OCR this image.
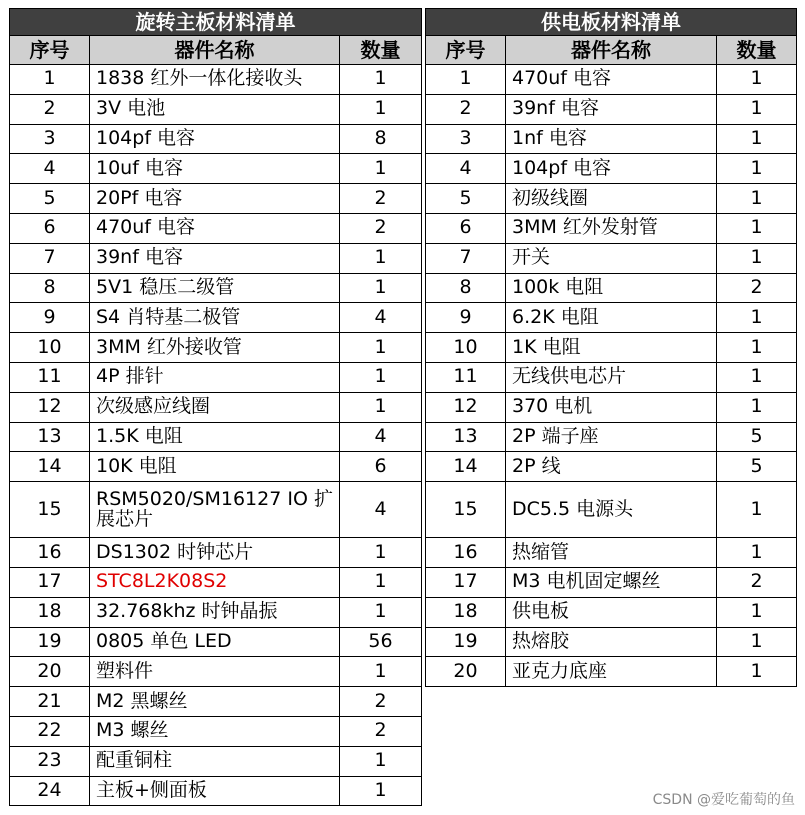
旋转主板材料清单		
序号	器件名称	数量
1	1838 红外一体化接收头	1
2	3V 电池	1
3	104pf 电容	8
4	10uf 电容	1
5	20Pf 电容	2
6	470uf 电容	2
7	39nf 电容	1
8	5V1 稳压二级管	1
9	S4 肖特基二极管	4
10	3MM 红外接收管	1
11	4P 排针	1
12	次级感应线圈	1
13	1.5K 电阻	4
14	10K 电阻	6
15	RSM5020/SM16127 IO 扩展芯片	4
16	DS1302 时钟芯片	1
17	STC8L2K08S2	1
18	32.768khz 时钟晶振	1
19	0805 单色 LED	56
20	塑料件	1
21	M2 黑螺丝	2
22	M3 螺丝	2
23	配重铜柱	1
24	主板+侧面板	1
供电板材料清单		
序号	器件名称	数量
1	470uf 电容	1
2	39nf 电容	1
3	1nf 电容	1
4	104pf 电容	1
5	初级线圈	1
6	3MM 红外发射管	1
7	开关	1
8	100k 电阻	2
9	6.2K 电阻	1
10	1K 电阻	1
11	无线供电芯片	1
12	370 电机	1
13	2P 端子座	5
14	2P 线	5
15	DC5.5 电源头	1
16	热缩管	1
17	M3 电机固定螺丝	2
18	供电板	1
19	热熔胶	1
20	亚克力底座	1
CSDN @爱吃葡萄的鱼
